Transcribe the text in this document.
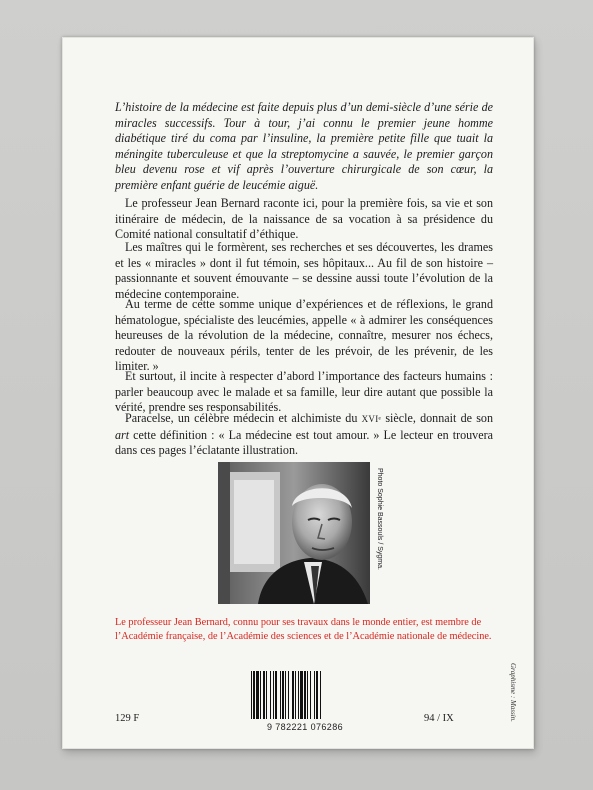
L’histoire de la médecine est faite depuis plus d’un demi-siècle d’une série de miracles successifs. Tour à tour, j’ai connu le premier jeune homme diabétique tiré du coma par l’insuline, la première petite fille que tuait la méningite tuberculeuse et que la streptomycine a sauvée, le premier garçon bleu devenu rose et vif après l’ouverture chirurgicale de son cœur, la première enfant guérie de leucémie aiguë.

Le professeur Jean Bernard raconte ici, pour la première fois, sa vie et son itinéraire de médecin, de la naissance de sa vocation à sa présidence du Comité national consultatif d’éthique.

Les maîtres qui le formèrent, ses recherches et ses découvertes, les drames et les « miracles » dont il fut témoin, ses hôpitaux... Au fil de son histoire – passionnante et souvent émouvante – se dessine aussi toute l’évolution de la médecine contemporaine.

Au terme de cette somme unique d’expériences et de réflexions, le grand hématologue, spécialiste des leucémies, appelle « à admirer les conséquences heureuses de la révolution de la médecine, connaître, mesurer nos échecs, redouter de nouveaux périls, tenter de les prévoir, de les prévenir, de les limiter. »

Et surtout, il incite à respecter d’abord l’importance des facteurs humains : parler beaucoup avec le malade et sa famille, leur dire autant que possible la vérité, prendre ses responsabilités.

Paracelse, un célèbre médecin et alchimiste du XVIᵉ siècle, donnait de son art cette définition : « La médecine est tout amour. » Le lecteur en trouvera dans ces pages l’éclatante illustration.

Photo Sophie Bassouls / Sygma.

Le professeur Jean Bernard, connu pour ses travaux dans le monde entier, est membre de l’Académie française, de l’Académie des sciences et de l’Académie nationale de médecine.

129 F
9 782221 076286
94 / IX	Graphisme : Massin.
